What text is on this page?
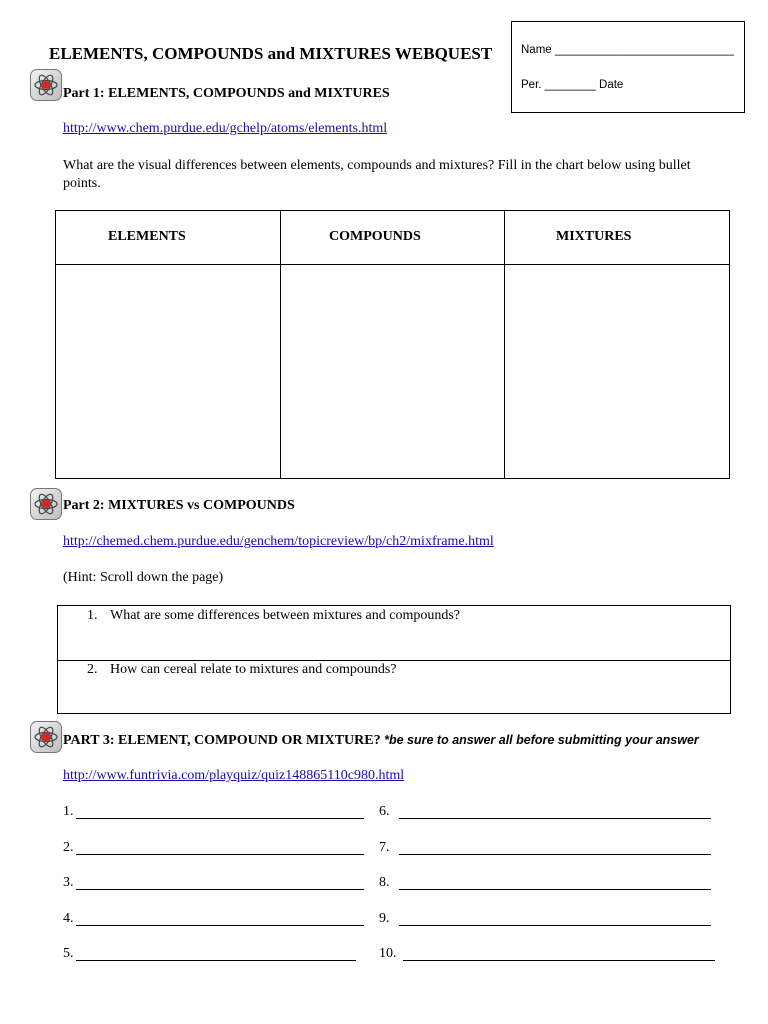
ELEMENTS, COMPOUNDS and MIXTURES WEBQUEST	Name ____________________________
Per. ________ Date
Part 1: ELEMENTS, COMPOUNDS and MIXTURES
http://www.chem.purdue.edu/gchelp/atoms/elements.html
What are the visual differences between elements, compounds and mixtures? Fill in the chart below using bullet points.
ELEMENTS	COMPOUNDS	MIXTURES
Part 2: MIXTURES vs COMPOUNDS
http://chemed.chem.purdue.edu/genchem/topicreview/bp/ch2/mixframe.html
(Hint: Scroll down the page)
1. What are some differences between mixtures and compounds?
2. How can cereal relate to mixtures and compounds?
PART 3: ELEMENT, COMPOUND OR MIXTURE? *be sure to answer all before submitting your answer
http://www.funtrivia.com/playquiz/quiz148865110c980.html
1.
2.
3.
4.
5.
6.
7.
8.
9.
10.
